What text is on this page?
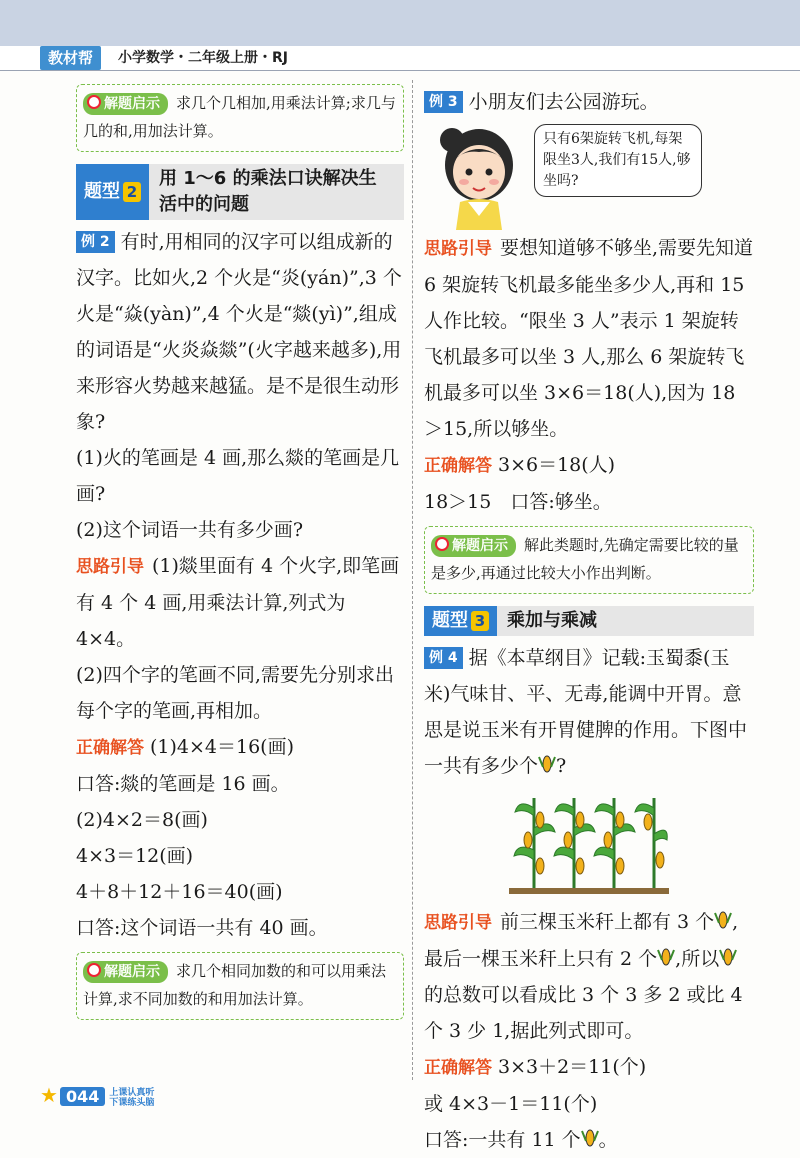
教材帮	小学数学・二年级上册・RJ
解题启示 求几个几相加,用乘法计算;求几与几的和,用加法计算。
题型 2
用 1～6 的乘法口诀解决生活中的问题

例 2 有时,用相同的汉字可以组成新的汉字。比如火,2 个火是“炎(yán)”,3 个火是“焱(yàn)”,4 个火是“燚(yì)”,组成的词语是“火炎焱燚”(火字越来越多),用来形容火势越来越猛。是不是很生动形象?

(1)火的笔画是 4 画,那么燚的笔画是几画?

(2)这个词语一共有多少画?

思路引导 (1)燚里面有 4 个火字,即笔画有 4 个 4 画,用乘法计算,列式为 4×4。

(2)四个字的笔画不同,需要先分别求出每个字的笔画,再相加。

正确解答 (1)4×4＝16(画)

口答:燚的笔画是 16 画。

(2)4×2＝8(画)

4×3＝12(画)

4＋8＋12＋16＝40(画)

口答:这个词语一共有 40 画。

解题启示 求几个相同加数的和可以用乘法计算,求不同加数的和用加法计算。

例 3 小朋友们去公园游玩。

只有6架旋转飞机,每架限坐3人,我们有15人,够坐吗?

思路引导 要想知道够不够坐,需要先知道 6 架旋转飞机最多能坐多少人,再和 15 人作比较。“限坐 3 人”表示 1 架旋转飞机最多可以坐 3 人,那么 6 架旋转飞机最多可以坐 3×6＝18(人),因为 18＞15,所以够坐。

正确解答 3×6＝18(人)

18＞15　口答:够坐。

解题启示 解此类题时,先确定需要比较的量是多少,再通过比较大小作出判断。
题型 3	乘加与乘减

例 4 据《本草纲目》记载:玉蜀黍(玉米)气味甘、平、无毒,能调中开胃。意思是说玉米有开胃健脾的作用。下图中一共有多少个 ?

思路引导 前三棵玉米秆上都有 3 个 ,最后一棵玉米秆上只有 2 个 ,所以的总数可以看成比 3 个 3 多 2 或比 4 个 3 少 1,据此列式即可。

正确解答 3×3＋2＝11(个)

或 4×3－1＝11(个)

口答:一共有 11 个 。

★ 044 上课认真听
下课练头脑
